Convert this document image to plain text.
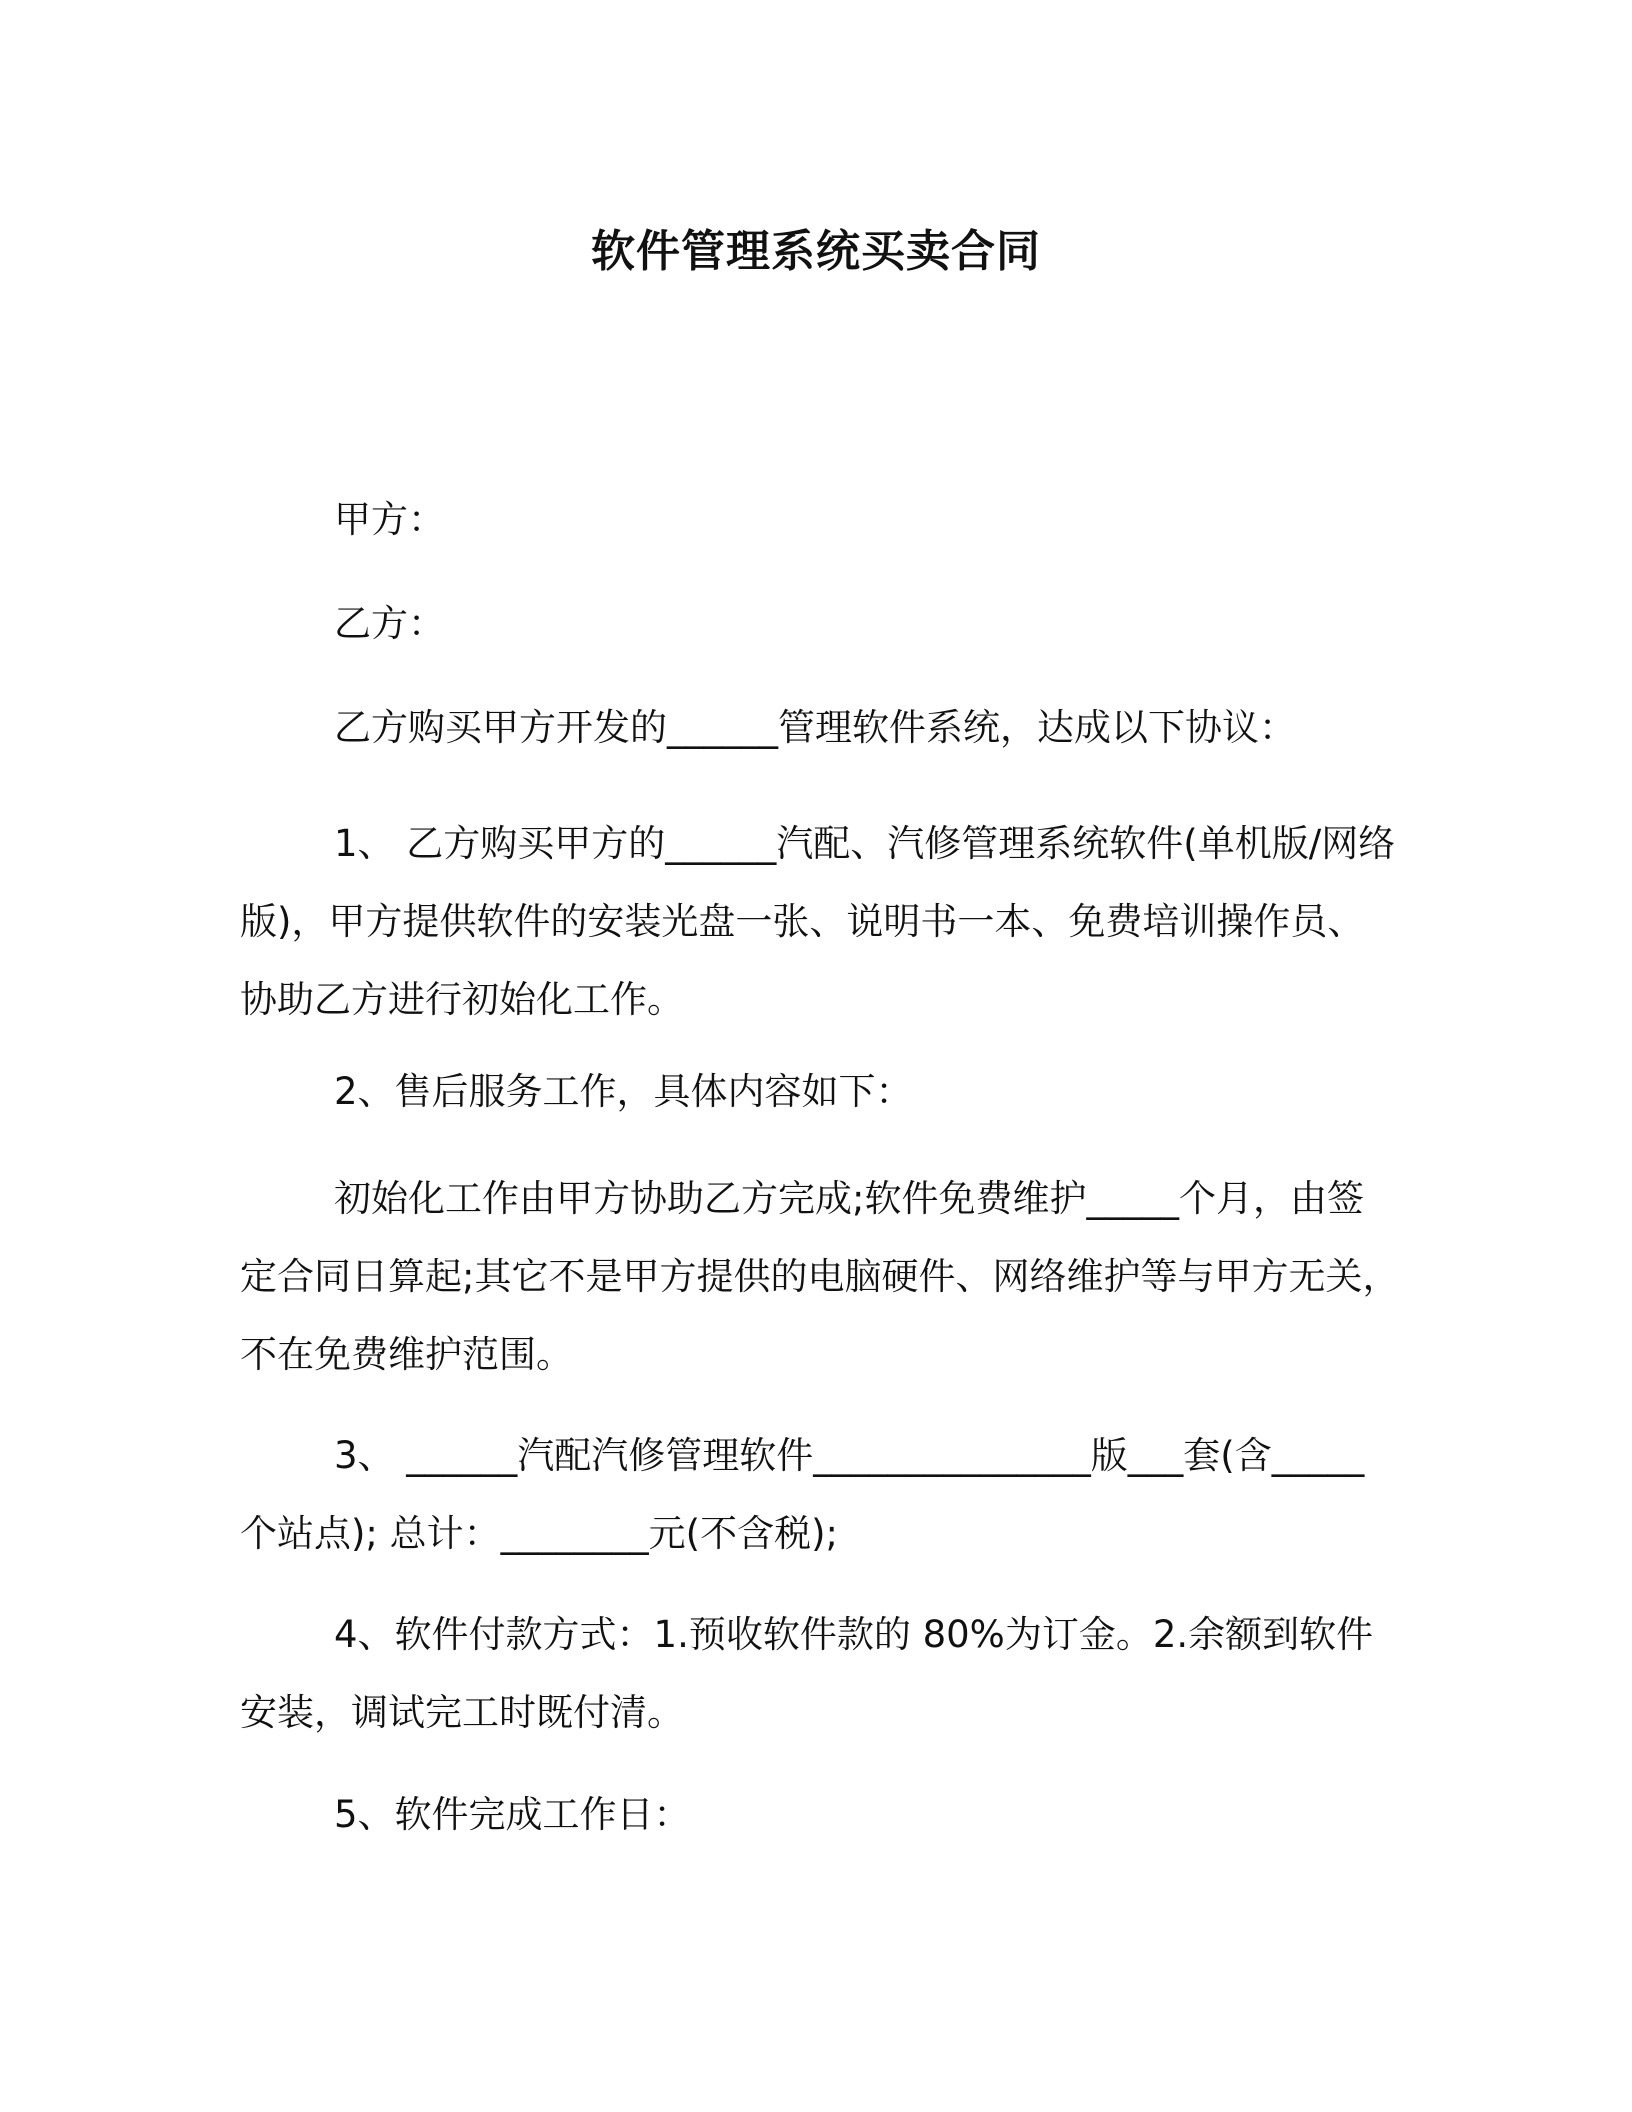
软件管理系统买卖合同
甲方：
乙方：
乙方购买甲方开发的______管理软件系统，达成以下协议：

1、 乙方购买甲方的______汽配、汽修管理系统软件(单机版/网络版)，甲方提供软件的安装光盘一张、说明书一本、免费培训操作员、协助乙方进行初始化工作。

2、售后服务工作，具体内容如下：

初始化工作由甲方协助乙方完成;软件免费维护_____个月，由签定合同日算起;其它不是甲方提供的电脑硬件、网络维护等与甲方无关，不在免费维护范围。

3、 ______汽配汽修管理软件_______________版___套(含_____个站点); 总计：________元(不含税);

4、软件付款方式：1.预收软件款的 80%为订金。2.余额到软件安装，调试完工时既付清。

5、软件完成工作日：
